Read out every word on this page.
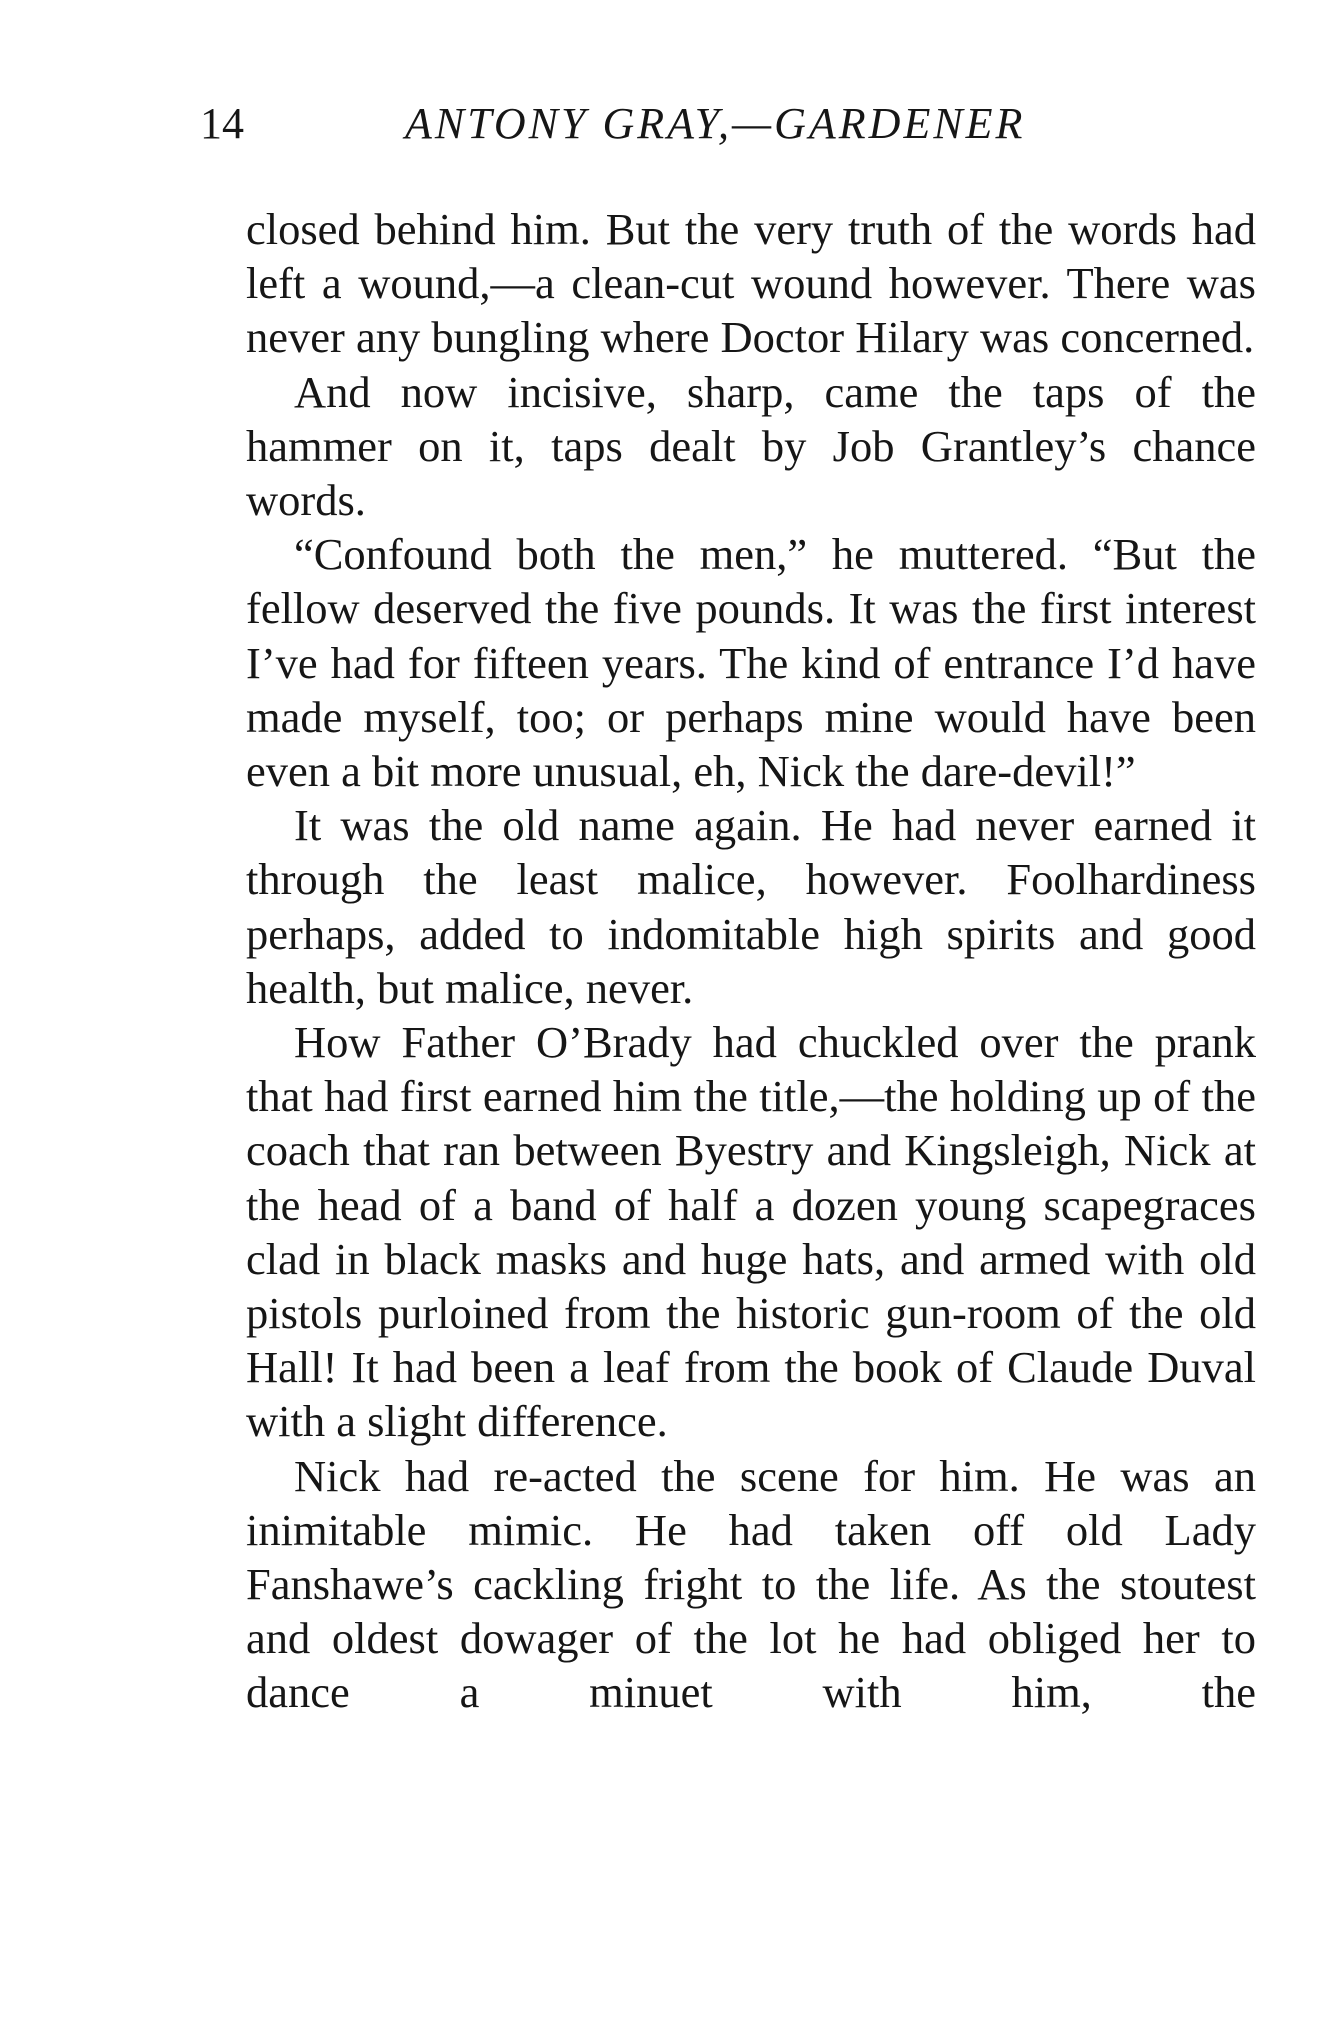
14	ANTONY GRAY,—GARDENER

closed behind him. But the very truth of the words had left a wound,—a clean-cut wound however. There was never any bungling where Doctor Hilary was concerned.

And now incisive, sharp, came the taps of the hammer on it, taps dealt by Job Grantley’s chance words.

“Confound both the men,” he muttered. “But the fellow deserved the five pounds. It was the first interest I’ve had for fifteen years. The kind of entrance I’d have made myself, too; or perhaps mine would have been even a bit more unusual, eh, Nick the dare-devil!”

It was the old name again. He had never earned it through the least malice, however. Foolhardiness perhaps, added to indomitable high spirits and good health, but malice, never.

How Father O’Brady had chuckled over the prank that had first earned him the title,—the holding up of the coach that ran between Byestry and Kingsleigh, Nick at the head of a band of half a dozen young scapegraces clad in black masks and huge hats, and armed with old pistols purloined from the historic gun-room of the old Hall! It had been a leaf from the book of Claude Duval with a slight difference.

Nick had re-acted the scene for him. He was an inimitable mimic. He had taken off old Lady Fanshawe’s cackling fright to the life. As the stoutest and oldest dowager of the lot he had obliged her to dance a minuet with him, the
